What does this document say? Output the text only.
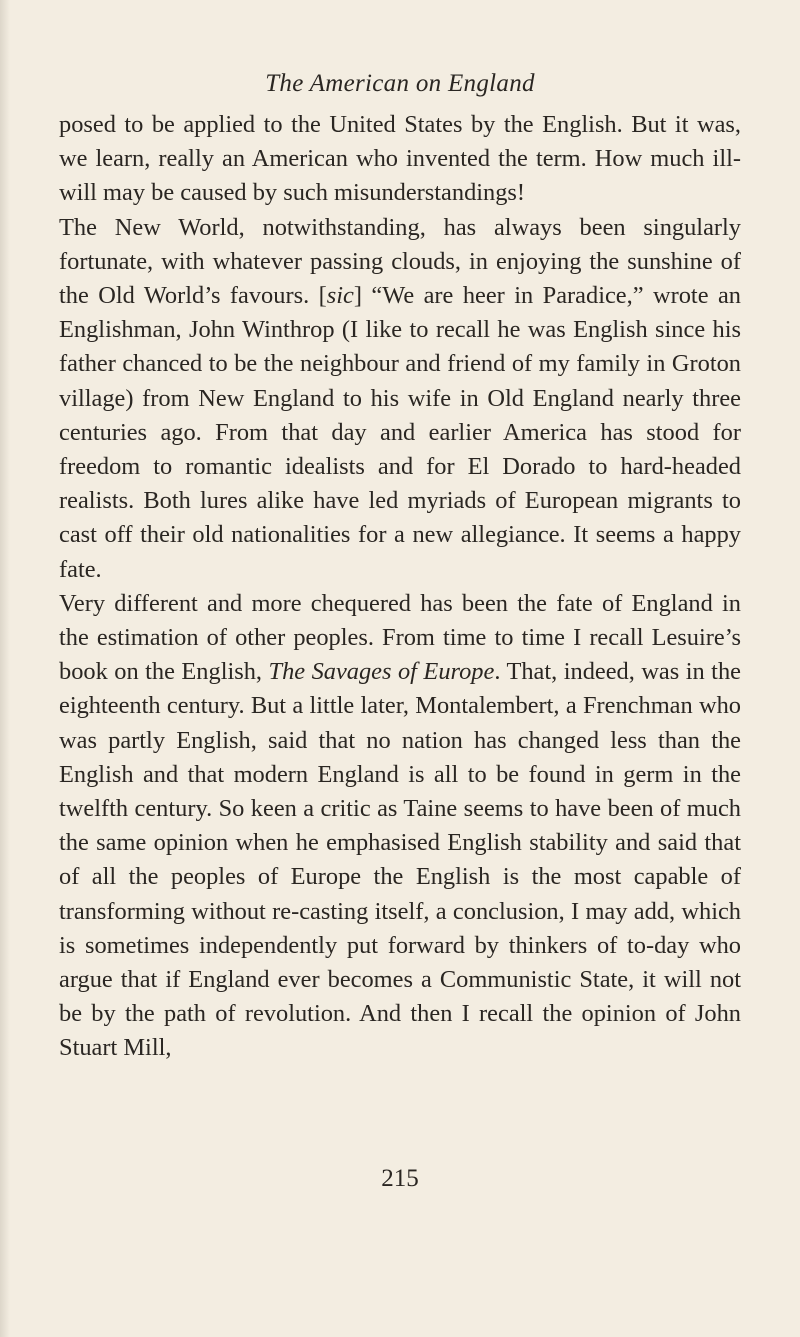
The American on England

posed to be applied to the United States by the English. But it was, we learn, really an American who invented the term. How much ill-will may be caused by such misunderstandings!

The New World, notwithstanding, has always been singularly fortunate, with whatever passing clouds, in enjoying the sunshine of the Old World’s favours. [sic] “We are heer in Paradice,” wrote an Englishman, John Winthrop (I like to recall he was English since his father chanced to be the neighbour and friend of my family in Groton village) from New England to his wife in Old England nearly three centuries ago. From that day and earlier America has stood for freedom to romantic idealists and for El Dorado to hard-headed realists. Both lures alike have led myriads of European migrants to cast off their old nationalities for a new allegiance. It seems a happy fate.

Very different and more chequered has been the fate of England in the estimation of other peoples. From time to time I recall Lesuire’s book on the English, The Savages of Europe. That, indeed, was in the eighteenth century. But a little later, Montalembert, a Frenchman who was partly English, said that no nation has changed less than the English and that modern England is all to be found in germ in the twelfth century. So keen a critic as Taine seems to have been of much the same opinion when he emphasised English stability and said that of all the peoples of Europe the English is the most capable of transforming without re-casting itself, a conclusion, I may add, which is sometimes independently put forward by thinkers of to-day who argue that if England ever becomes a Communistic State, it will not be by the path of revolution. And then I recall the opinion of John Stuart Mill,

215
